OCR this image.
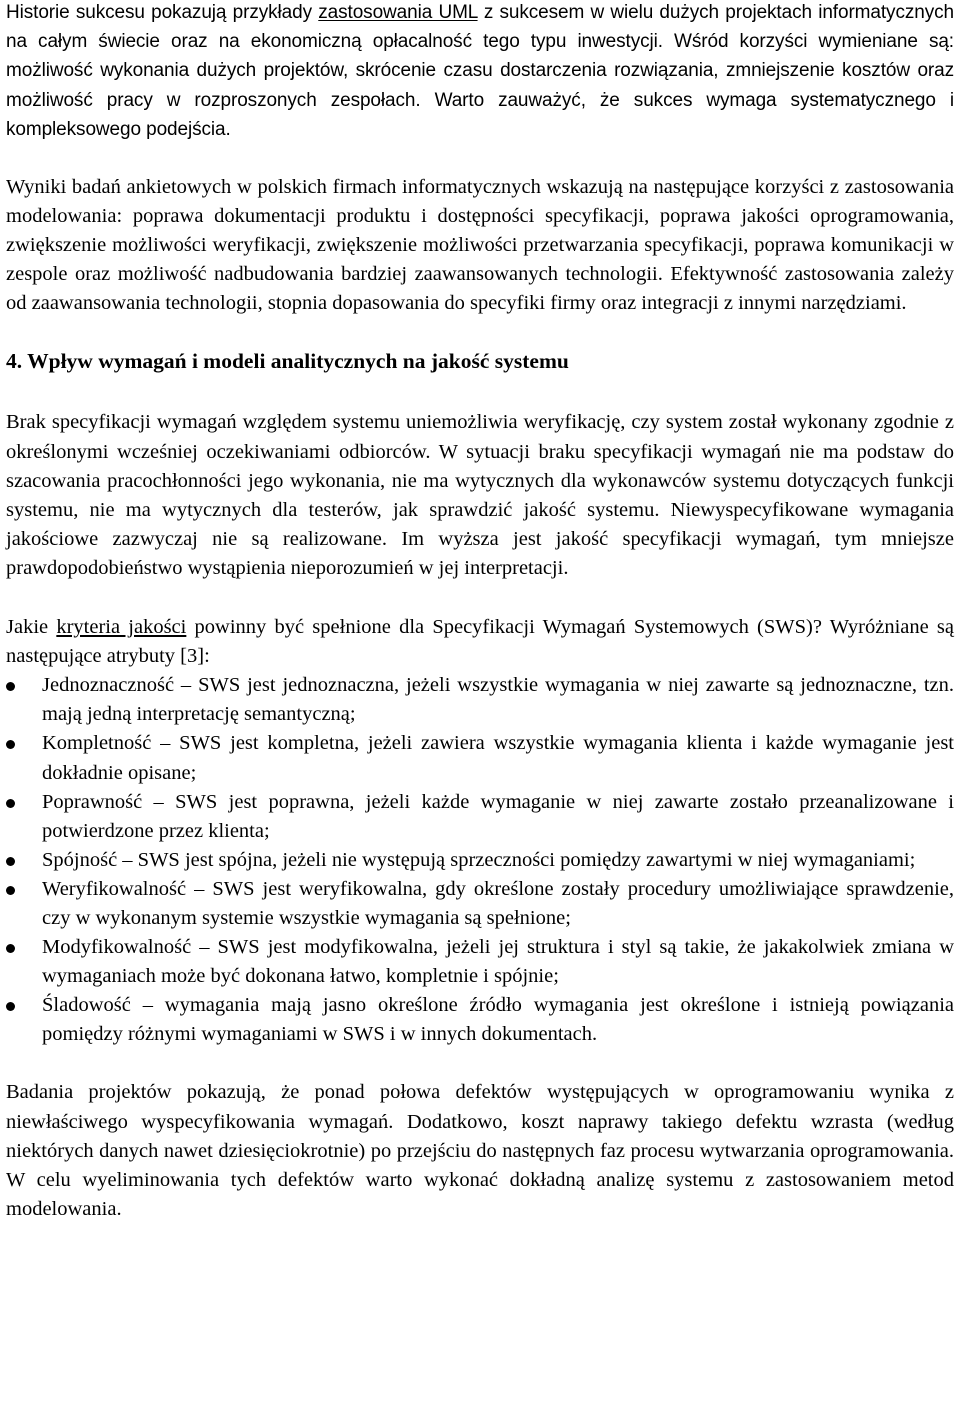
Historie sukcesu pokazują przykłady zastosowania UML z sukcesem w wielu dużych projektach informatycznych na całym świecie oraz na ekonomiczną opłacalność tego typu inwestycji. Wśród korzyści wymieniane są: możliwość wykonania dużych projektów, skrócenie czasu dostarczenia rozwiązania, zmniejszenie kosztów oraz możliwość pracy w rozproszonych zespołach. Warto zauważyć, że sukces wymaga systematycznego i kompleksowego podejścia.

Wyniki badań ankietowych w polskich firmach informatycznych wskazują na następujące korzyści z zastosowania modelowania: poprawa dokumentacji produktu i dostępności specyfikacji, poprawa jakości oprogramowania, zwiększenie możliwości weryfikacji, zwiększenie możliwości przetwarzania specyfikacji, poprawa komunikacji w zespole oraz możliwość nadbudowania bardziej zaawansowanych technologii. Efektywność zastosowania zależy od zaawansowania technologii, stopnia dopasowania do specyfiki firmy oraz integracji z innymi narzędziami.

4. Wpływ wymagań i modeli analitycznych na jakość systemu

Brak specyfikacji wymagań względem systemu uniemożliwia weryfikację, czy system został wykonany zgodnie z określonymi wcześniej oczekiwaniami odbiorców. W sytuacji braku specyfikacji wymagań nie ma podstaw do szacowania pracochłonności jego wykonania, nie ma wytycznych dla wykonawców systemu dotyczących funkcji systemu, nie ma wytycznych dla testerów, jak sprawdzić jakość systemu. Niewyspecyfikowane wymagania jakościowe zazwyczaj nie są realizowane. Im wyższa jest jakość specyfikacji wymagań, tym mniejsze prawdopodobieństwo wystąpienia nieporozumień w jej interpretacji.

Jakie kryteria jakości powinny być spełnione dla Specyfikacji Wymagań Systemowych (SWS)? Wyróżniane są następujące atrybuty [3]:

Jednoznaczność – SWS jest jednoznaczna, jeżeli wszystkie wymagania w niej zawarte są jednoznaczne, tzn. mają jedną interpretację semantyczną;
Kompletność – SWS jest kompletna, jeżeli zawiera wszystkie wymagania klienta i każde wymaganie jest dokładnie opisane;
Poprawność – SWS jest poprawna, jeżeli każde wymaganie w niej zawarte zostało przeanalizowane i potwierdzone przez klienta;
Spójność – SWS jest spójna, jeżeli nie występują sprzeczności pomiędzy zawartymi w niej wymaganiami;
Weryfikowalność – SWS jest weryfikowalna, gdy określone zostały procedury umożliwiające sprawdzenie, czy w wykonanym systemie wszystkie wymagania są spełnione;
Modyfikowalność – SWS jest modyfikowalna, jeżeli jej struktura i styl są takie, że jakakolwiek zmiana w wymaganiach może być dokonana łatwo, kompletnie i spójnie;
Śladowość – wymagania mają jasno określone źródło wymagania jest określone i istnieją powiązania pomiędzy różnymi wymaganiami w SWS i w innych dokumentach.

Badania projektów pokazują, że ponad połowa defektów występujących w oprogramowaniu wynika z niewłaściwego wyspecyfikowania wymagań. Dodatkowo, koszt naprawy takiego defektu wzrasta (według niektórych danych nawet dziesięciokrotnie) po przejściu do następnych faz procesu wytwarzania oprogramowania. W celu wyeliminowania tych defektów warto wykonać dokładną analizę systemu z zastosowaniem metod modelowania.
